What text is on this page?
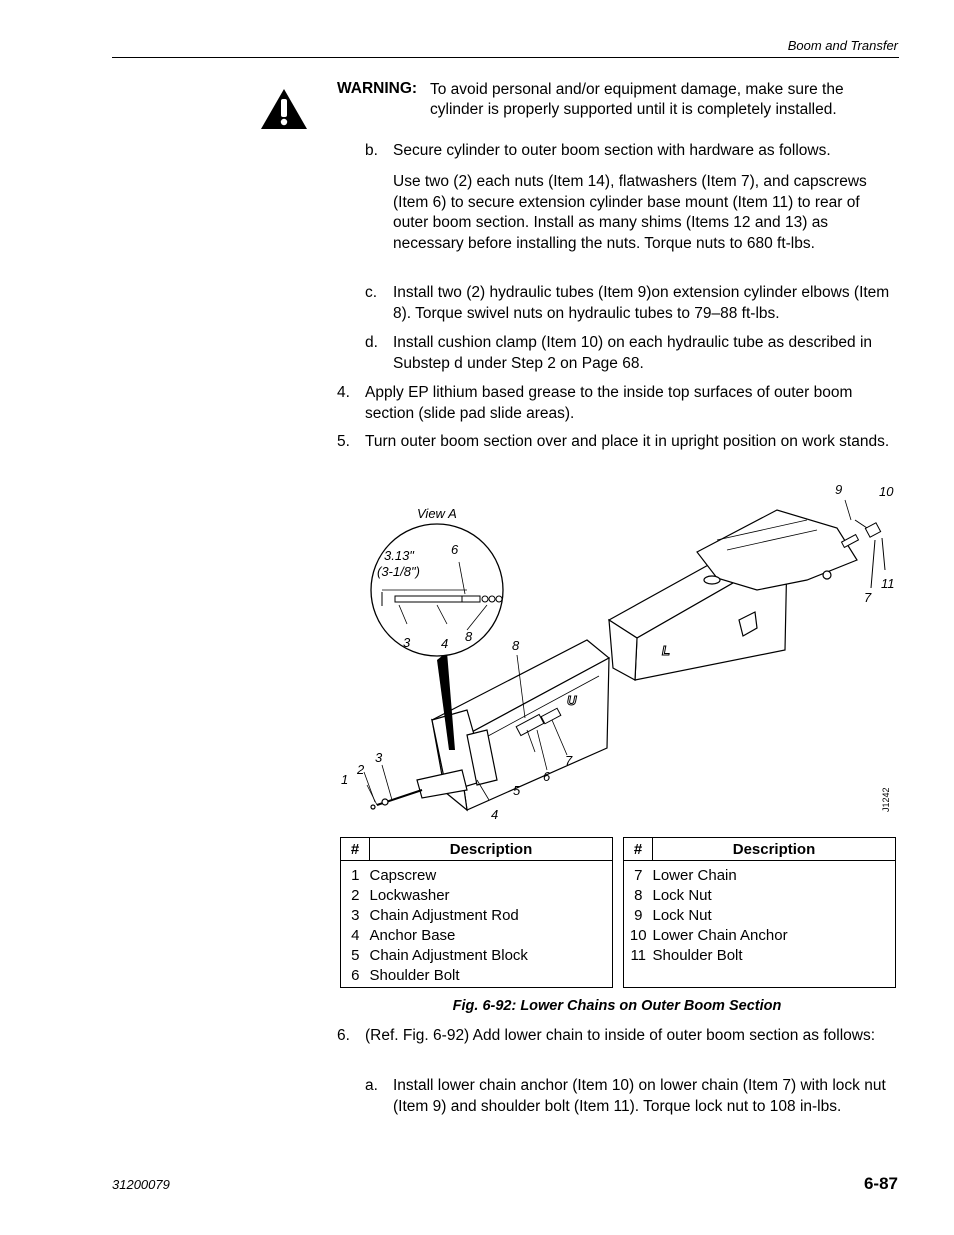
Boom and Transfer
WARNING: To avoid personal and/or equipment damage, make sure the cylinder is properly supported until it is completely installed.
b. Secure cylinder to outer boom section with hardware as follows.
Use two (2) each nuts (Item 14), flatwashers (Item 7), and capscrews (Item 6) to secure extension cylinder base mount (Item 11) to rear of outer boom section. Install as many shims (Items 12 and 13) as necessary before installing the nuts. Torque nuts to 680 ft-lbs.
c. Install two (2) hydraulic tubes (Item 9)on extension cylinder elbows (Item 8). Torque swivel nuts on hydraulic tubes to 79–88 ft-lbs.
d. Install cushion clamp (Item 10) on each hydraulic tube as described in Substep d under Step 2 on Page 68.
4. Apply EP lithium based grease to the inside top surfaces of outer boom section (slide pad slide areas).
5. Turn outer boom section over and place it in upright position on work stands.
U
L
View A
3.13"
(3-1/8")
6
3 4 8
8
1
2
3
4
5
6
7
9	10
11
7
J1242
#	Description

1	Capscrew
2	Lockwasher
3	Chain Adjustment Rod
4	Anchor Base
5	Chain Adjustment Block
6	Shoulder Bolt
#	Description

7	Lower Chain
8	Lock Nut
9	Lock Nut
10	Lower Chain Anchor
11	Shoulder Bolt

Fig. 6-92: Lower Chains on Outer Boom Section
6. (Ref. Fig. 6-92) Add lower chain to inside of outer boom section as follows:
a. Install lower chain anchor (Item 10) on lower chain (Item 7) with lock nut (Item 9) and shoulder bolt (Item 11). Torque lock nut to 108 in-lbs.
31200079	6-87
